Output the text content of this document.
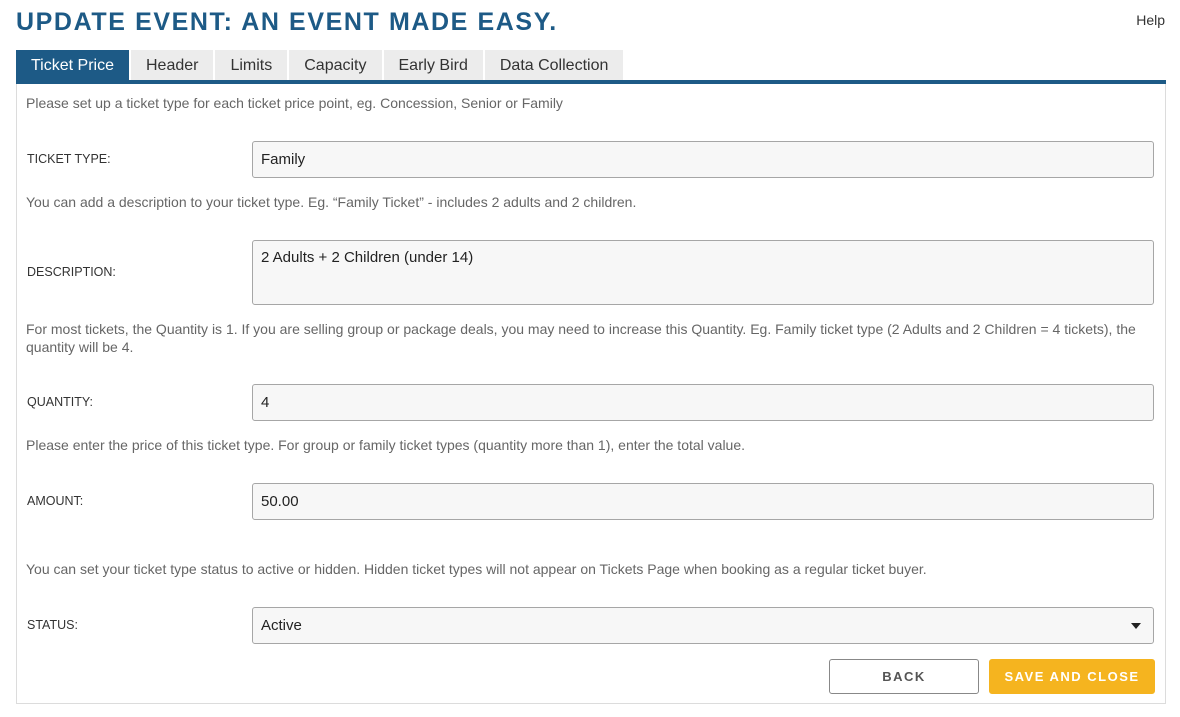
UPDATE EVENT: AN EVENT MADE EASY.	Help
Ticket Price	Header	Limits	Capacity	Early Bird	Data Collection
Please set up a ticket type for each ticket price point, eg. Concession, Senior or Family
TICKET TYPE:
Family
You can add a description to your ticket type. Eg. “Family Ticket” - includes 2 adults and 2 children.
DESCRIPTION:
2 Adults + 2 Children (under 14)
For most tickets, the Quantity is 1. If you are selling group or package deals, you may need to increase this Quantity. Eg. Family ticket type (2 Adults and 2 Children = 4 tickets), the quantity will be 4.
QUANTITY:
4
Please enter the price of this ticket type. For group or family ticket types (quantity more than 1), enter the total value.
AMOUNT:
50.00
You can set your ticket type status to active or hidden. Hidden ticket types will not appear on Tickets Page when booking as a regular ticket buyer.
STATUS:	Active
BACK	SAVE AND CLOSE
